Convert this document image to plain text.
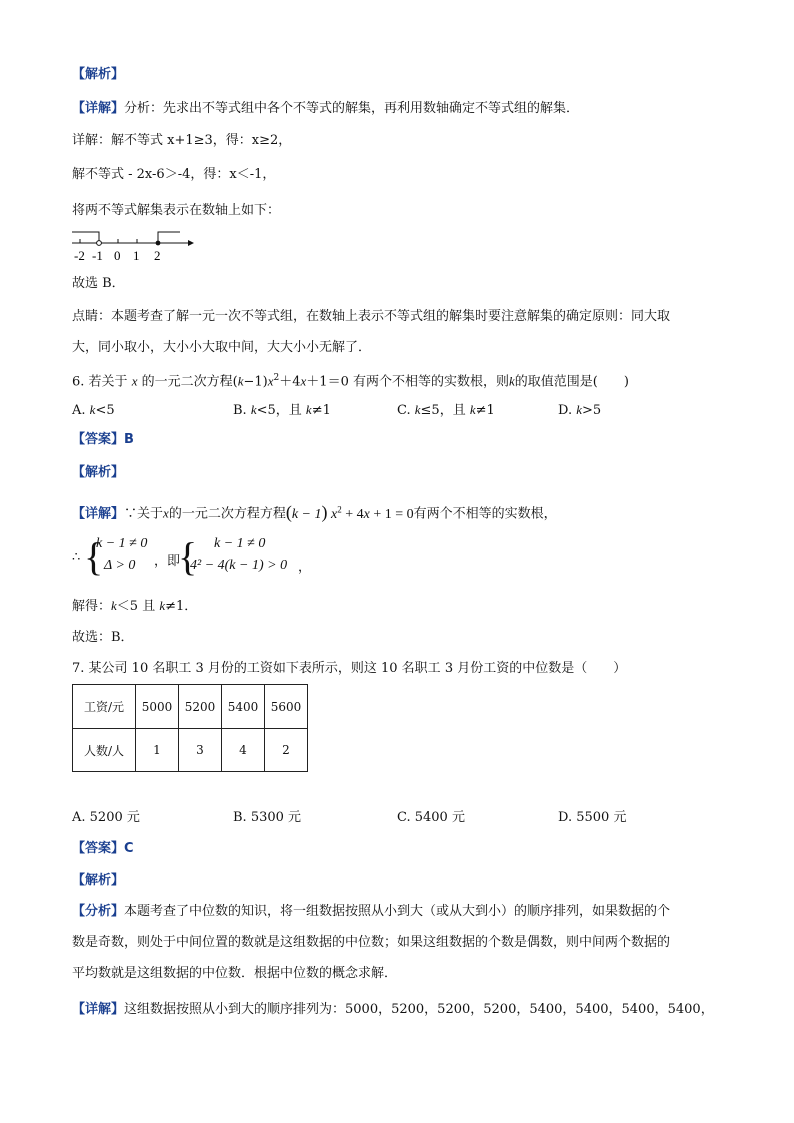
【解析】
【详解】分析：先求出不等式组中各个不等式的解集，再利用数轴确定不等式组的解集．
详解：解不等式 x+1≥3，得：x≥2，
解不等式 - 2x-6＞-4，得：x＜-1，
将两不等式解集表示在数轴上如下：
-2 -1 0 1 2
故选 B．
点睛：本题考查了解一元一次不等式组，在数轴上表示不等式组的解集时要注意解集的确定原则：同大取
大，同小取小，大小小大取中间，大大小小无解了．
6. 若关于 x 的一元二次方程$(k-1)x^2+4x+1=0$ 有两个不相等的实数根，则k的取值范围是(　　)
A. k<5	B. k<5，且 k≠1	C. k≤5，且 k≠1	D. k>5
【答案】B
【解析】
【详解】∵关于x的一元二次方程方程(k − 1) $x^2 + 4x + 1 = 0$有两个不相等的实数根，
∴ {
k − 1 ≠ 0
Δ > 0 ，即
{ k − 1 ≠ 0
4² − 4(k − 1) > 0 ，
解得：k＜5 且 k≠1．
故选：B．
7. 某公司 10 名职工 3 月份的工资如下表所示，则这 10 名职工 3 月份工资的中位数是（　　）
工资/元	5000	5200	5400	5600
人数/人	1	3	4	2
A. 5200 元	B. 5300 元	C. 5400 元	D. 5500 元
【答案】C
【解析】
【分析】本题考查了中位数的知识，将一组数据按照从小到大（或从大到小）的顺序排列，如果数据的个
数是奇数，则处于中间位置的数就是这组数据的中位数；如果这组数据的个数是偶数，则中间两个数据的
平均数就是这组数据的中位数．根据中位数的概念求解．
【详解】这组数据按照从小到大的顺序排列为：5000，5200，5200，5200，5400，5400，5400，5400，
